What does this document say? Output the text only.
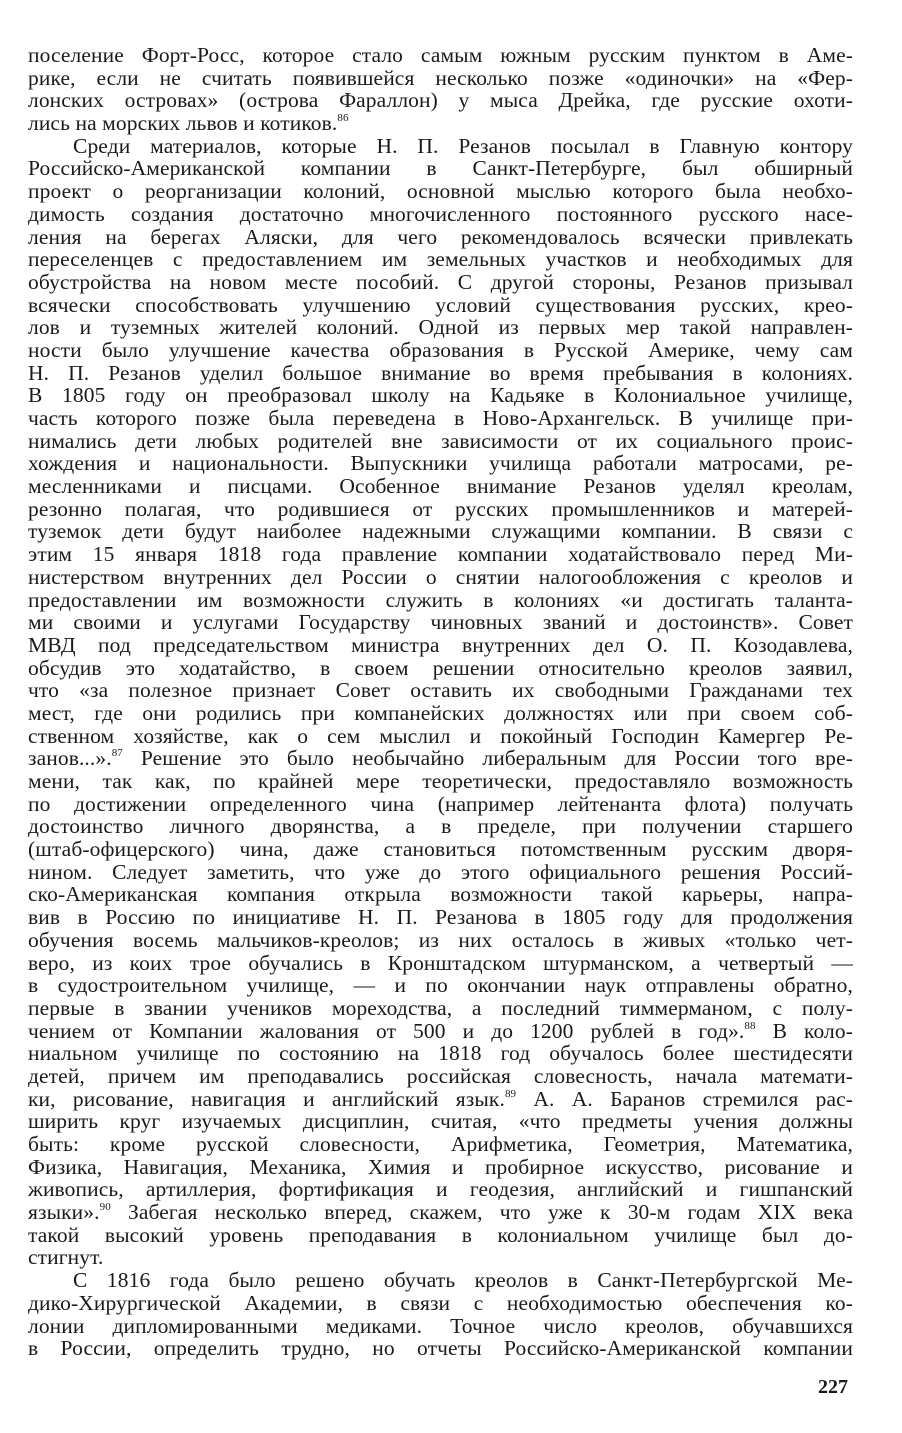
поселение Форт-Росс, которое стало самым южным русским пунктом в Аме-
рике, если не считать появившейся несколько позже «одиночки» на «Фер-
лонских островах» (острова Фараллон) у мыса Дрейка, где русские охоти-
лись на морских львов и котиков.$^{86}$
Среди материалов, которые Н. П. Резанов посылал в Главную контору
Российско-Американской компании в Санкт-Петербурге, был обширный
проект о реорганизации колоний, основной мыслью которого была необхо-
димость создания достаточно многочисленного постоянного русского насе-
ления на берегах Аляски, для чего рекомендовалось всячески привлекать
переселенцев с предоставлением им земельных участков и необходимых для
обустройства на новом месте пособий. С другой стороны, Резанов призывал
всячески способствовать улучшению условий существования русских, крео-
лов и туземных жителей колоний. Одной из первых мер такой направлен-
ности было улучшение качества образования в Русской Америке, чему сам
Н. П. Резанов уделил большое внимание во время пребывания в колониях.
В 1805 году он преобразовал школу на Кадьяке в Колониальное училище,
часть которого позже была переведена в Ново-Архангельск. В училище при-
нимались дети любых родителей вне зависимости от их социального проис-
хождения и национальности. Выпускники училища работали матросами, ре-
месленниками и писцами. Особенное внимание Резанов уделял креолам,
резонно полагая, что родившиеся от русских промышленников и матерей-
туземок дети будут наиболее надежными служащими компании. В связи с
этим 15 января 1818 года правление компании ходатайствовало перед Ми-
нистерством внутренних дел России о снятии налогообложения с креолов и
предоставлении им возможности служить в колониях «и достигать таланта-
ми своими и услугами Государству чиновных званий и достоинств». Совет
МВД под председательством министра внутренних дел О. П. Козодавлева,
обсудив это ходатайство, в своем решении относительно креолов заявил,
что «за полезное признает Совет оставить их свободными Гражданами тех
мест, где они родились при компанейских должностях или при своем соб-
ственном хозяйстве, как о сем мыслил и покойный Господин Камергер Ре-
занов...».$^{87}$ Решение это было необычайно либеральным для России того вре-
мени, так как, по крайней мере теоретически, предоставляло возможность
по достижении определенного чина (например лейтенанта флота) получать
достоинство личного дворянства, а в пределе, при получении старшего
(штаб-офицерского) чина, даже становиться потомственным русским дворя-
нином. Следует заметить, что уже до этого официального решения Россий-
ско-Американская компания открыла возможности такой карьеры, напра-
вив в Россию по инициативе Н. П. Резанова в 1805 году для продолжения
обучения восемь мальчиков-креолов; из них осталось в живых «только чет-
веро, из коих трое обучались в Кронштадском штурманском, а четвертый —
в судостроительном училище, — и по окончании наук отправлены обратно,
первые в звании учеников мореходства, а последний тиммерманом, с полу-
чением от Компании жалования от 500 и до 1200 рублей в год».$^{88}$ В коло-
ниальном училище по состоянию на 1818 год обучалось более шестидесяти
детей, причем им преподавались российская словесность, начала математи-
ки, рисование, навигация и английский язык.$^{89}$ А. А. Баранов стремился рас-
ширить круг изучаемых дисциплин, считая, «что предметы учения должны
быть: кроме русской словесности, Арифметика, Геометрия, Математика,
Физика, Навигация, Механика, Химия и пробирное искусство, рисование и
живопись, артиллерия, фортификация и геодезия, английский и гишпанский
языки».$^{90}$ Забегая несколько вперед, скажем, что уже к 30-м годам XIX века
такой высокий уровень преподавания в колониальном училище был до-
стигнут.
С 1816 года было решено обучать креолов в Санкт-Петербургской Ме-
дико-Хирургической Академии, в связи с необходимостью обеспечения ко-
лонии дипломированными медиками. Точное число креолов, обучавшихся
в России, определить трудно, но отчеты Российско-Американской компании
227
